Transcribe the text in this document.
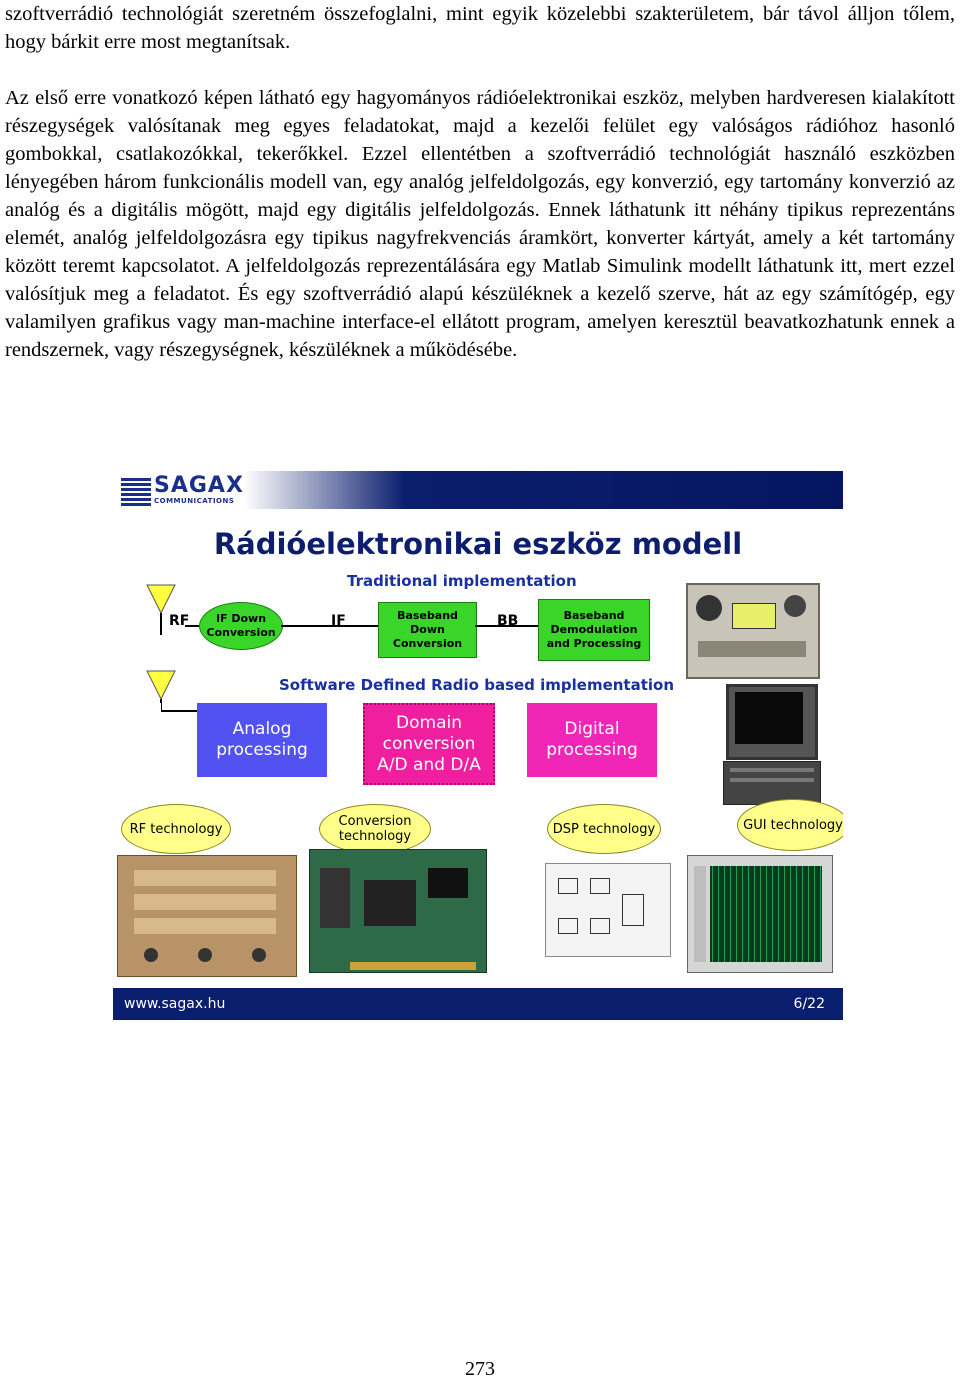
szoftverrádió technológiát szeretném összefoglalni, mint egyik közelebbi szakterületem, bár távol álljon tőlem, hogy bárkit erre most megtanítsak.

Az első erre vonatkozó képen látható egy hagyományos rádióelektronikai eszköz, melyben hardveresen kialakított részegységek valósítanak meg egyes feladatokat, majd a kezelői felület egy valóságos rádióhoz hasonló gombokkal, csatlakozókkal, tekerőkkel. Ezzel ellentétben a szoftverrádió technológiát használó eszközben lényegében három funkcionális modell van, egy analóg jelfeldolgozás, egy konverzió, egy tartomány konverzió az analóg és a digitális mögött, majd egy digitális jelfeldolgozás. Ennek láthatunk itt néhány tipikus reprezentáns elemét, analóg jelfeldolgozásra egy tipikus nagyfrekvenciás áramkört, konverter kártyát, amely a két tartomány között teremt kapcsolatot. A jelfeldolgozás reprezentálására egy Matlab Simulink modellt láthatunk itt, mert ezzel valósítjuk meg a feladatot. És egy szoftverrádió alapú készüléknek a kezelő szerve, hát az egy számítógép, egy valamilyen grafikus vagy man-machine interface-el ellátott program, amelyen keresztül beavatkozhatunk ennek a rendszernek, vagy részegységnek, készüléknek a működésébe.

SAGAX
COMMUNICATIONS
Rádióelektronikai eszköz modell
Traditional implementation
RF	IF Down Conversion
IF	Baseband Down Conversion
BB	Baseband Demodulation and Processing
Software Defined Radio based implementation
Analog processing
Domain conversion A/D and D/A
Digital processing
RF technology	Conversion technology	DSP technology	GUI technology
www.sagax.hu	6/22
273
